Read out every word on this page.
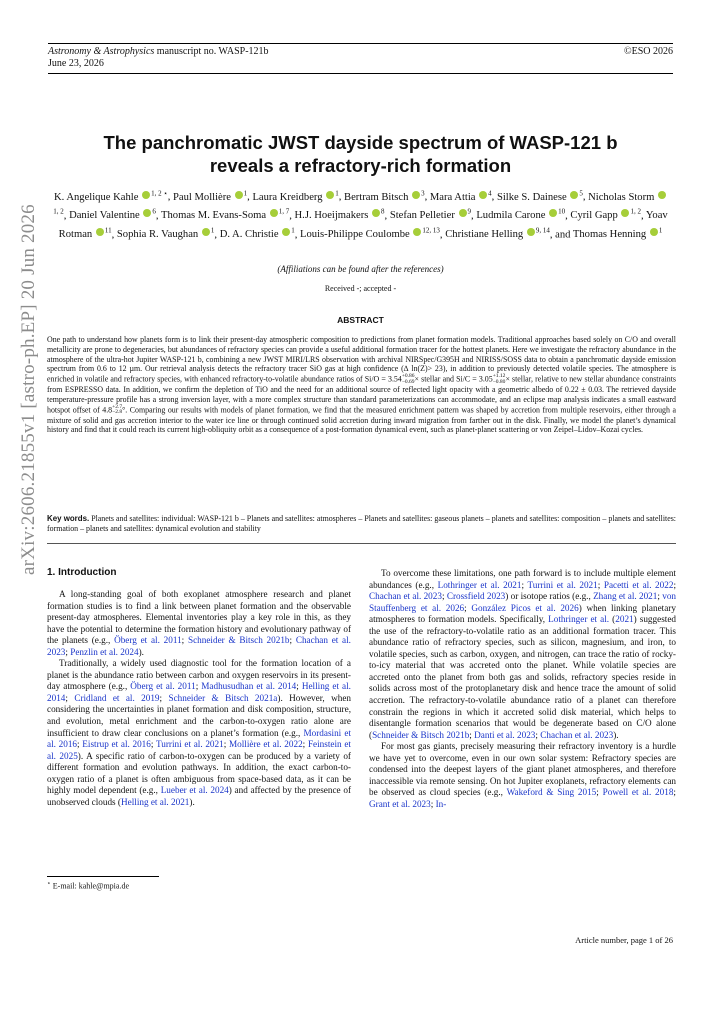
Astronomy & Astrophysics manuscript no. WASP-121b
June 23, 2026
©ESO 2026
arXiv:2606.21855v1 [astro-ph.EP] 20 Jun 2026
The panchromatic JWST dayside spectrum of WASP-121 b
reveals a refractory-rich formation
K. Angelique Kahle $^{1, 2 ⋆}$, Paul Mollière $^1$, Laura Kreidberg $^1$, Bertram Bitsch $^3$, Mara Attia $^4$, Silke S. Dainese $^5$, Nicholas Storm $^{1, 2}$, Daniel Valentine $^6$, Thomas M. Evans-Soma $^{1, 7}$, H.J. Hoeijmakers $^8$, Stefan Pelletier $^9$, Ludmila Carone $^{10}$, Cyril Gapp $^{1, 2}$, Yoav Rotman $^{11}$, Sophia R. Vaughan $^1$, D. A. Christie $^1$, Louis-Philippe Coulombe $^{12, 13}$, Christiane Helling $^{9, 14}$, and Thomas Henning $^1$
(Affiliations can be found after the references)
Received -; accepted -
ABSTRACT
One path to understand how planets form is to link their present-day atmospheric composition to predictions from planet formation models. Traditional approaches based solely on C/O and overall metallicity are prone to degeneracies, but abundances of refractory species can provide a useful additional formation tracer for the hottest planets. Here we investigate the refractory abundance in the atmosphere of the ultra-hot Jupiter WASP-121 b, combining a new JWST MIRI/LRS observation with archival NIRSpec/G395H and NIRISS/SOSS data to obtain a panchromatic dayside emission spectrum from 0.6 to 12 µm. Our retrieval analysis detects the refractory tracer SiO gas at high confidence (∆ ln(Z)> 23), in addition to previously detected volatile species. The atmosphere is enriched in volatile and refractory species, with enhanced refractory-to-volatile abundance ratios of Si/O = 3.54+0.86
−0.69× stellar and Si/C = 3.05+1.12
−0.80× stellar, relative to new stellar abundance constraints from ESPRESSO data. In addition, we confirm the depletion of TiO and the need for an additional source of reflected light opacity with a geometric albedo of 0.22 ± 0.03. The retrieved dayside temperature-pressure profile has a strong inversion layer, with a more complex structure than standard parameterizations can accommodate, and an eclipse map analysis indicates a small eastward hotspot offset of 4.8+2.7
−2.8°. Comparing our results with models of planet formation, we find that the measured enrichment pattern was shaped by accretion from multiple reservoirs, either through a mixture of solid and gas accretion interior to the water ice line or through continued solid accretion during inward migration from farther out in the disk. Finally, we model the planet’s dynamical history and find that it could reach its current high-obliquity orbit as a consequence of a post-formation dynamical event, such as planet-planet scattering or von Zeipel–Lidov–Kozai cycles.
Key words. Planets and satellites: individual: WASP-121 b – Planets and satellites: atmospheres – Planets and satellites: gaseous planets – planets and satellites: composition – planets and satellites: formation – planets and satellites: dynamical evolution and stability
1. Introduction

A long-standing goal of both exoplanet atmosphere research and planet formation studies is to find a link between planet formation and the observable present-day atmospheres. Elemental inventories play a key role in this, as they have the potential to determine the formation history and evolutionary pathway of the planets (e.g., Öberg et al. 2011; Schneider & Bitsch 2021b; Chachan et al. 2023; Penzlin et al. 2024).

Traditionally, a widely used diagnostic tool for the formation location of a planet is the abundance ratio between carbon and oxygen reservoirs in its present-day atmosphere (e.g., Öberg et al. 2011; Madhusudhan et al. 2014; Helling et al. 2014; Cridland et al. 2019; Schneider & Bitsch 2021a). However, when considering the uncertainties in planet formation and disk composition, structure, and evolution, metal enrichment and the carbon-to-oxygen ratio alone are insufficient to draw clear conclusions on a planet’s formation (e.g., Mordasini et al. 2016; Eistrup et al. 2016; Turrini et al. 2021; Mollière et al. 2022; Feinstein et al. 2025). A specific ratio of carbon-to-oxygen can be produced by a variety of different formation and evolution pathways. In addition, the exact carbon-to-oxygen ratio of a planet is often ambiguous from space-based data, as it can be highly model dependent (e.g., Lueber et al. 2024) and affected by the presence of unobserved clouds (Helling et al. 2021).

To overcome these limitations, one path forward is to include multiple element abundances (e.g., Lothringer et al. 2021; Turrini et al. 2021; Pacetti et al. 2022; Chachan et al. 2023; Crossfield 2023) or isotope ratios (e.g., Zhang et al. 2021; von Stauffenberg et al. 2026; González Picos et al. 2026) when linking planetary atmospheres to formation models. Specifically, Lothringer et al. (2021) suggested the use of the refractory-to-volatile ratio as an additional formation tracer. This abundance ratio of refractory species, such as silicon, magnesium, and iron, to volatile species, such as carbon, oxygen, and nitrogen, can trace the ratio of rocky-to-icy material that was accreted onto the planet. While volatile species are accreted onto the planet from both gas and solids, refractory species reside in solids across most of the protoplanetary disk and hence trace the amount of solid accretion. The refractory-to-volatile abundance ratio of a planet can therefore constrain the regions in which it accreted solid disk material, which helps to disentangle formation scenarios that would be degenerate based on C/O alone (Schneider & Bitsch 2021b; Danti et al. 2023; Chachan et al. 2023).

For most gas giants, precisely measuring their refractory inventory is a hurdle we have yet to overcome, even in our own solar system: Refractory species are condensed into the deepest layers of the giant planet atmospheres, and therefore inaccessible via remote sensing. On hot Jupiter exoplanets, refractory elements can be observed as cloud species (e.g., Wakeford & Sing 2015; Powell et al. 2018; Grant et al. 2023; In-

⋆ E-mail: kahle@mpia.de
Article number, page 1 of 26
